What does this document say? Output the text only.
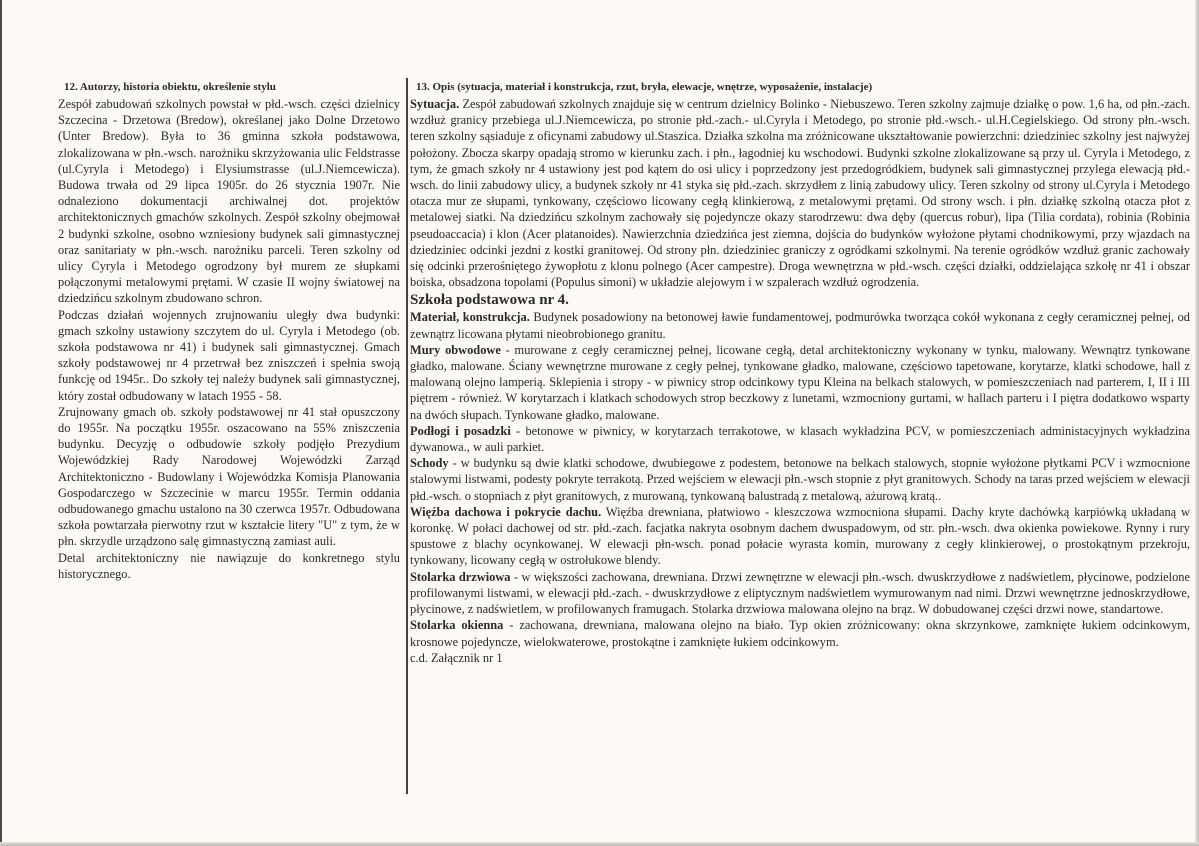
12. Autorzy, historia obiektu, określenie stylu

Zespół zabudowań szkolnych powstał w płd.-wsch. części dzielnicy Szczecina - Drzetowa (Bredow), określanej jako Dolne Drzetowo (Unter Bredow). Była to 36 gminna szkoła podstawowa, zlokalizowana w płn.-wsch. narożniku skrzyżowania ulic Feldstrasse (ul.Cyryla i Metodego) i Elysiumstrasse (ul.J.Niemcewicza). Budowa trwała od 29 lipca 1905r. do 26 stycznia 1907r. Nie odnaleziono dokumentacji archiwalnej dot. projektów architektonicznych gmachów szkolnych. Zespół szkolny obejmował 2 budynki szkolne, osobno wzniesiony budynek sali gimnastycznej oraz sanitariaty w płn.-wsch. narożniku parceli. Teren szkolny od ulicy Cyryla i Metodego ogrodzony był murem ze słupkami połączonymi metalowymi prętami. W czasie II wojny światowej na dziedzińcu szkolnym zbudowano schron.

Podczas działań wojennych zrujnowaniu uległy dwa budynki: gmach szkolny ustawiony szczytem do ul. Cyryla i Metodego (ob. szkoła podstawowa nr 41) i budynek sali gimnastycznej. Gmach szkoły podstawowej nr 4 przetrwał bez zniszczeń i spełnia swoją funkcję od 1945r.. Do szkoły tej należy budynek sali gimnastycznej, który został odbudowany w latach 1955 - 58.

Zrujnowany gmach ob. szkoły podstawowej nr 41 stał opuszczony do 1955r. Na początku 1955r. oszacowano na 55% zniszczenia budynku. Decyzję o odbudowie szkoły podjęło Prezydium Wojewódzkiej Rady Narodowej Wojewódzki Zarząd Architektoniczno - Budowlany i Wojewódzka Komisja Planowania Gospodarczego w Szczecinie w marcu 1955r. Termin oddania odbudowanego gmachu ustalono na 30 czerwca 1957r. Odbudowana szkoła powtarzała pierwotny rzut w kształcie litery "U" z tym, że w płn. skrzydle urządzono salę gimnastyczną zamiast auli.

Detal architektoniczny nie nawiązuje do konkretnego stylu historycznego.

13. Opis (sytuacja, materiał i konstrukcja, rzut, bryła, elewacje, wnętrze, wyposażenie, instalacje)

Sytuacja. Zespół zabudowań szkolnych znajduje się w centrum dzielnicy Bolinko - Niebuszewo. Teren szkolny zajmuje działkę o pow. 1,6 ha, od płn.-zach. wzdłuż granicy przebiega ul.J.Niemcewicza, po stronie płd.-zach.- ul.Cyryla i Metodego, po stronie płd.-wsch.- ul.H.Cegielskiego. Od strony płn.-wsch. teren szkolny sąsiaduje z oficynami zabudowy ul.Staszica. Działka szkolna ma zróżnicowane ukształtowanie powierzchni: dziedziniec szkolny jest najwyżej położony. Zbocza skarpy opadają stromo w kierunku zach. i płn., łagodniej ku wschodowi. Budynki szkolne zlokalizowane są przy ul. Cyryla i Metodego, z tym, że gmach szkoły nr 4 ustawiony jest pod kątem do osi ulicy i poprzedzony jest przedogródkiem, budynek sali gimnastycznej przylega elewacją płd.-wsch. do linii zabudowy ulicy, a budynek szkoły nr 41 styka się płd.-zach. skrzydłem z linią zabudowy ulicy. Teren szkolny od strony ul.Cyryla i Metodego otacza mur ze słupami, tynkowany, częściowo licowany cegłą klinkierową, z metalowymi prętami. Od strony wsch. i płn. działkę szkolną otacza płot z metalowej siatki. Na dziedzińcu szkolnym zachowały się pojedyncze okazy starodrzewu: dwa dęby (quercus robur), lipa (Tilia cordata), robinia (Robinia pseudoaccacia) i klon (Acer platanoides). Nawierzchnia dziedzińca jest ziemna, dojścia do budynków wyłożone płytami chodnikowymi, przy wjazdach na dziedziniec odcinki jezdni z kostki granitowej. Od strony płn. dziedziniec graniczy z ogródkami szkolnymi. Na terenie ogródków wzdłuż granic zachowały się odcinki przerośniętego żywopłotu z klonu polnego (Acer campestre). Droga wewnętrzna w płd.-wsch. części działki, oddzielająca szkołę nr 41 i obszar boiska, obsadzona topolami (Populus simoni) w układzie alejowym i w szpalerach wzdłuż ogrodzenia.

Szkoła podstawowa nr 4.

Materiał, konstrukcja. Budynek posadowiony na betonowej ławie fundamentowej, podmurówka tworząca cokół wykonana z cegły ceramicznej pełnej, od zewnątrz licowana płytami nieobrobionego granitu.

Mury obwodowe - murowane z cegły ceramicznej pełnej, licowane cegłą, detal architektoniczny wykonany w tynku, malowany. Wewnątrz tynkowane gładko, malowane. Ściany wewnętrzne murowane z cegły pełnej, tynkowane gładko, malowane, częściowo tapetowane, korytarze, klatki schodowe, hall z malowaną olejno lamperią. Sklepienia i stropy - w piwnicy strop odcinkowy typu Kleina na belkach stalowych, w pomieszczeniach nad parterem, I, II i III piętrem - również. W korytarzach i klatkach schodowych strop beczkowy z lunetami, wzmocniony gurtami, w hallach parteru i I piętra dodatkowo wsparty na dwóch słupach. Tynkowane gładko, malowane.

Podłogi i posadzki - betonowe w piwnicy, w korytarzach terrakotowe, w klasach wykładzina PCV, w pomieszczeniach administacyjnych wykładzina dywanowa., w auli parkiet.

Schody - w budynku są dwie klatki schodowe, dwubiegowe z podestem, betonowe na belkach stalowych, stopnie wyłożone płytkami PCV i wzmocnione stalowymi listwami, podesty pokryte terrakotą. Przed wejściem w elewacji płn.-wsch stopnie z płyt granitowych. Schody na taras przed wejściem w elewacji płd.-wsch. o stopniach z płyt granitowych, z murowaną, tynkowaną balustradą z metalową, ażurową kratą..

Więźba dachowa i pokrycie dachu. Więźba drewniana, płatwiowo - kleszczowa wzmocniona słupami. Dachy kryte dachówką karpiówką układaną w koronkę. W połaci dachowej od str. płd.-zach. facjatka nakryta osobnym dachem dwuspadowym, od str. płn.-wsch. dwa okienka powiekowe. Rynny i rury spustowe z blachy ocynkowanej. W elewacji płn-wsch. ponad połacie wyrasta komin, murowany z cegły klinkierowej, o prostokątnym przekroju, tynkowany, licowany cegłą w ostrołukowe blendy.

Stolarka drzwiowa - w większości zachowana, drewniana. Drzwi zewnętrzne w elewacji płn.-wsch. dwuskrzydłowe z nadświetlem, płycinowe, podzielone profilowanymi listwami, w elewacji płd.-zach. - dwuskrzydłowe z eliptycznym nadświetlem wymurowanym nad nimi. Drzwi wewnętrzne jednoskrzydłowe, płycinowe, z nadświetlem, w profilowanych framugach. Stolarka drzwiowa malowana olejno na brąz. W dobudowanej części drzwi nowe, standartowe.

Stolarka okienna - zachowana, drewniana, malowana olejno na biało. Typ okien zróżnicowany: okna skrzynkowe, zamknięte łukiem odcinkowym, krosnowe pojedyncze, wielokwaterowe, prostokątne i zamknięte łukiem odcinkowym.

c.d. Załącznik nr 1
